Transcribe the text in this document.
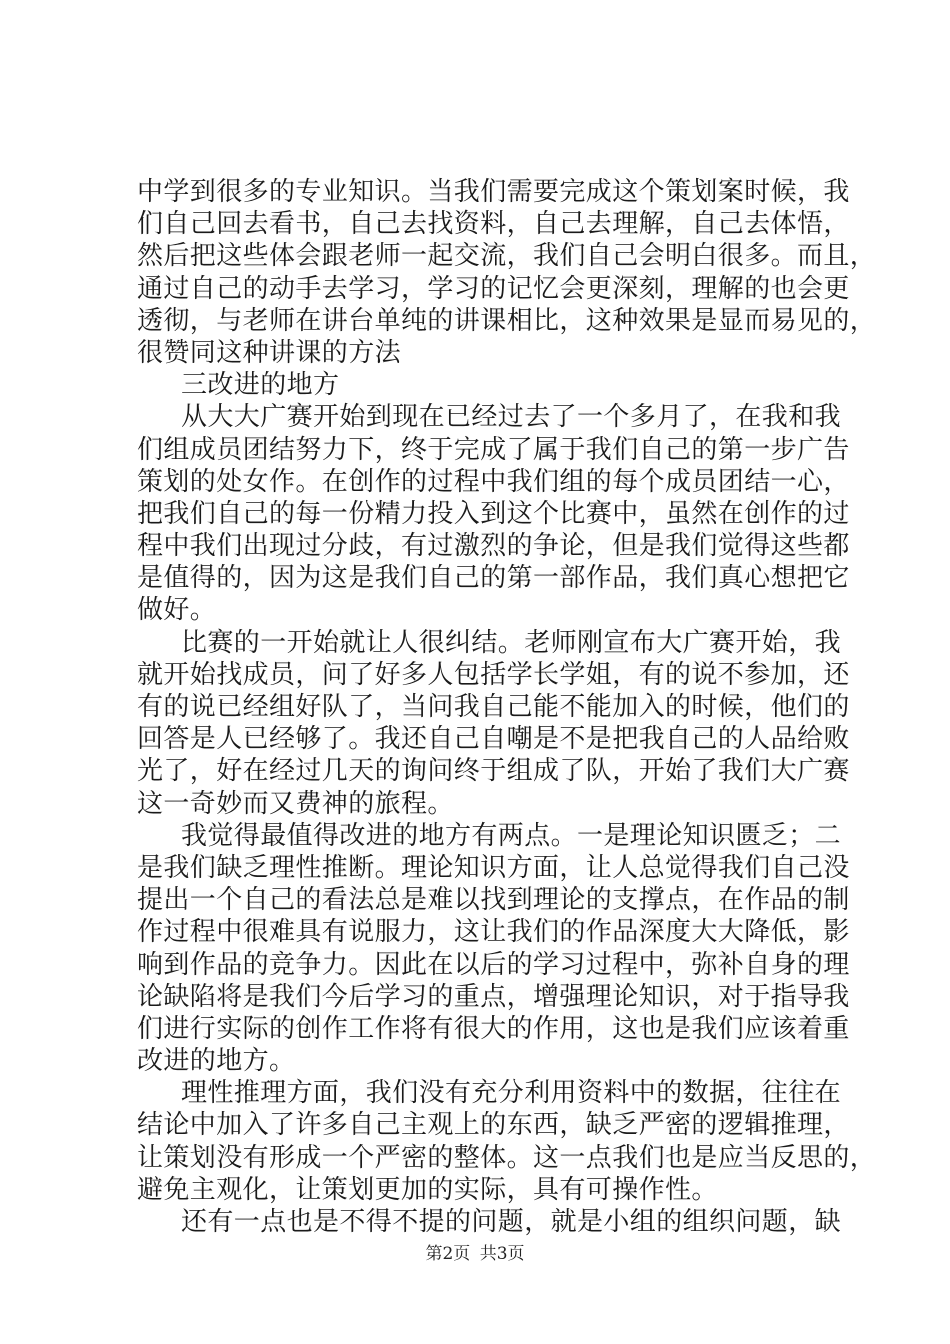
中学到很多的专业知识。当我们需要完成这个策划案时候，我
们自己回去看书，自己去找资料，自己去理解，自己去体悟，
然后把这些体会跟老师一起交流，我们自己会明白很多。而且，
通过自己的动手去学习，学习的记忆会更深刻，理解的也会更
透彻，与老师在讲台单纯的讲课相比，这种效果是显而易见的，
很赞同这种讲课的方法
三改进的地方
从大大广赛开始到现在已经过去了一个多月了，在我和我
们组成员团结努力下，终于完成了属于我们自己的第一步广告
策划的处女作。在创作的过程中我们组的每个成员团结一心，
把我们自己的每一份精力投入到这个比赛中，虽然在创作的过
程中我们出现过分歧，有过激烈的争论，但是我们觉得这些都
是值得的，因为这是我们自己的第一部作品，我们真心想把它
做好。
比赛的一开始就让人很纠结。老师刚宣布大广赛开始，我
就开始找成员，问了好多人包括学长学姐，有的说不参加，还
有的说已经组好队了，当问我自己能不能加入的时候，他们的
回答是人已经够了。我还自己自嘲是不是把我自己的人品给败
光了，好在经过几天的询问终于组成了队，开始了我们大广赛
这一奇妙而又费神的旅程。
我觉得最值得改进的地方有两点。一是理论知识匮乏；二
是我们缺乏理性推断。理论知识方面，让人总觉得我们自己没
提出一个自己的看法总是难以找到理论的支撑点，在作品的制
作过程中很难具有说服力，这让我们的作品深度大大降低，影
响到作品的竞争力。因此在以后的学习过程中，弥补自身的理
论缺陷将是我们今后学习的重点，增强理论知识，对于指导我
们进行实际的创作工作将有很大的作用，这也是我们应该着重
改进的地方。
理性推理方面，我们没有充分利用资料中的数据，往往在
结论中加入了许多自己主观上的东西，缺乏严密的逻辑推理，
让策划没有形成一个严密的整体。这一点我们也是应当反思的，
避免主观化，让策划更加的实际，具有可操作性。
还有一点也是不得不提的问题，就是小组的组织问题，缺
第2页 共3页
